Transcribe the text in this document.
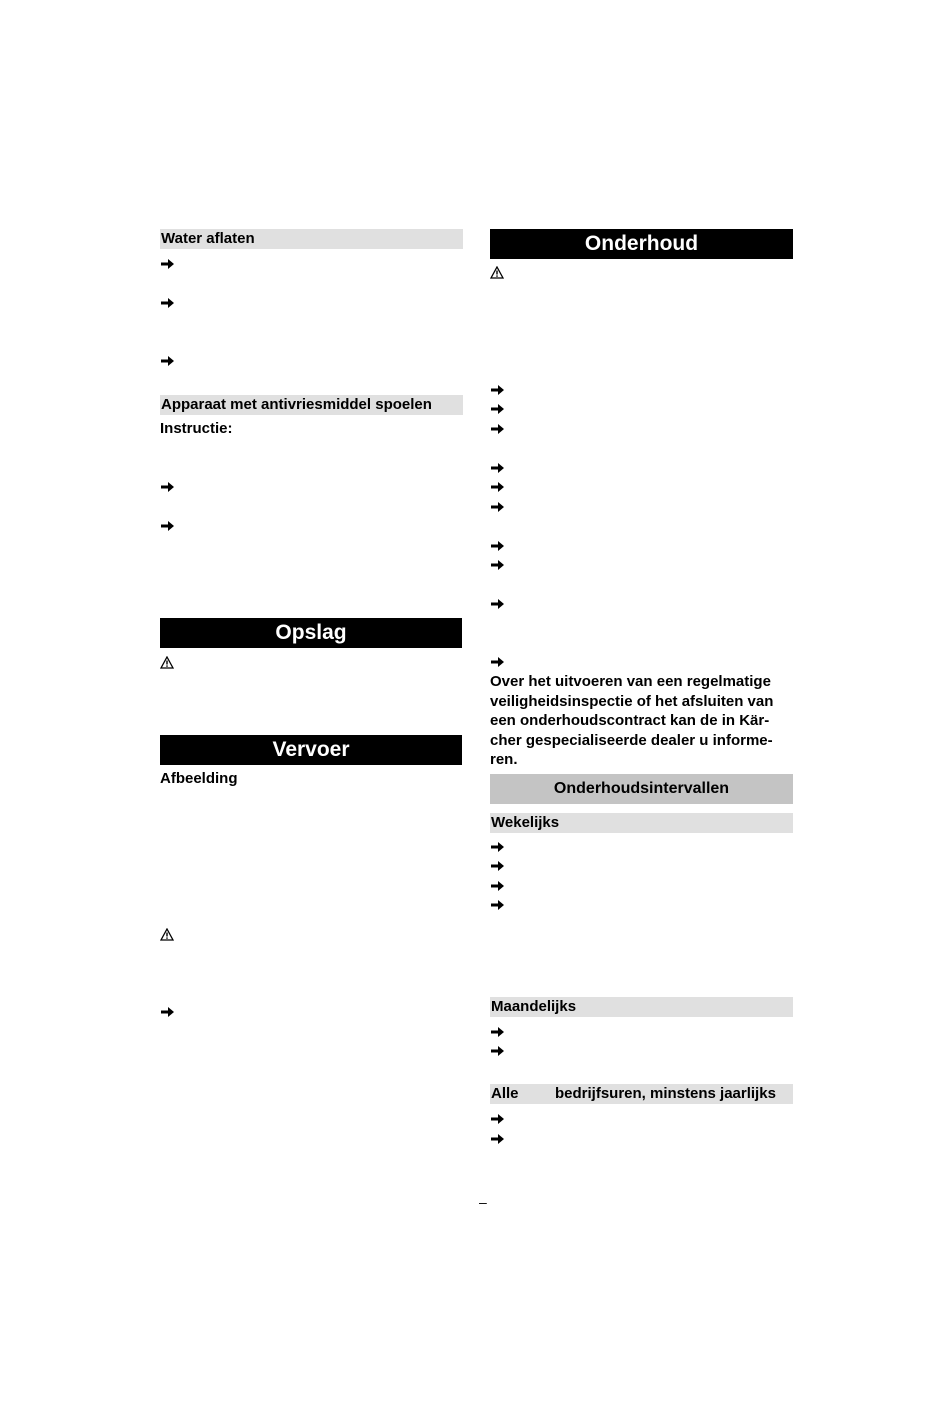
Water aflaten
Apparaat met antivriesmiddel spoelen
Instructie:
Opslag
Vervoer
Afbeelding
Onderhoud
Over het uitvoeren van een regelmatige
veiligheidsinspectie of het afsluiten van
een onderhoudscontract kan de in Kär-
cher gespecialiseerde dealer u informe-
ren.
Onderhoudsintervallen
Wekelijks
Maandelijks
Alle bedrijfsuren, minstens jaarlijks
–
